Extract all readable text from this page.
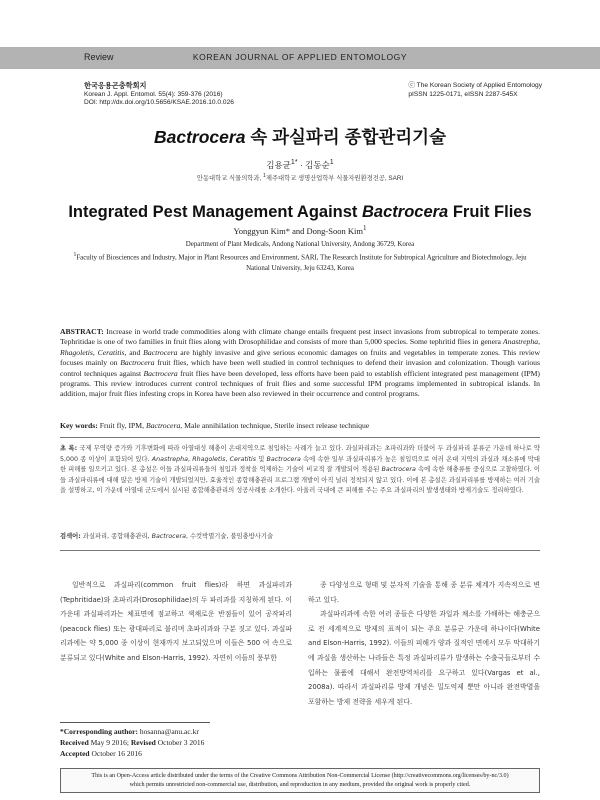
Review	KOREAN JOURNAL OF APPLIED ENTOMOLOGY
한국응용곤충학회지
Korean J. Appl. Entomol. 55(4): 359-376 (2016)
DOI: http://dx.doi.org/10.5656/KSAE.2016.10.0.026
ⓒ The Korean Society of Applied Entomology
pISSN 1225-0171, eISSN 2287-545X
Bactrocera 속 과실파리 종합관리기술
김용균$^{1*}$ · 김동순$^1$
안동대학교 식물의학과, $^1$제주대학교 생명산업학부 식물자원환경전공, SARI
Integrated Pest Management Against Bactrocera Fruit Flies
Yonggyun Kim* and Dong-Soon Kim$^1$
Department of Plant Medicals, Andong National University, Andong 36729, Korea
$^1$Faculty of Biosciences and Industry, Major in Plant Resources and Environment, SARI, The Research Institute for Subtropical Agriculture and Biotechnology, Jeju National University, Jeju 63243, Korea
ABSTRACT: Increase in world trade commodities along with climate change entails frequent pest insect invasions from subtropical to temperate zones. Tephritidae is one of two families in fruit flies along with Drosophilidae and consists of more than 5,000 species. Some tephritid flies in genera Anastrepha, Rhagoletis, Ceratitis, and Bactrocera are highly invasive and give serious economic damages on fruits and vegetables in temperate zones. This review focuses mainly on Bactrocera fruit flies, which have been well studied in control techniques to defend their invasion and colonization. Though various control techniques against Bactrocera fruit flies have been developed, less efforts have been paid to establish efficient integrated pest management (IPM) programs. This review introduces current control techniques of fruit flies and some successful IPM programs implemented in subtropical islands. In addition, major fruit flies infesting crops in Korea have been also reviewed in their occurrence and control programs.
Key words: Fruit fly, IPM, Bactrocera, Male annihilation technique, Sterile insect release technique
초 록: 국제 무역량 증가와 기후변화에 따라 아열대성 해충이 온대지역으로 침입하는 사례가 늘고 있다. 과실파리과는 초파리과와 더불어 두 과실파리 분류군 가운데 하나로 약 5,000 종 이상이 포함되어 있다. Anastrepha, Rhagoletis, Ceratitis 및 Bactrocera 속에 속한 일부 과실파리류가 높은 침입력으로 여러 온대 지역의 과실과 채소류에 막대한 피해를 일으키고 있다. 본 총설은 이들 과실파리류들의 침입과 정착을 억제하는 기술이 비교적 잘 개발되어 적용된 Bactrocera 속에 속한 해충류를 중심으로 고찰하였다. 이들 과실파리류에 대해 많은 방제 기술이 개발되었지만, 효율적인 종합해충관리 프로그램 개발이 아직 널리 정착되지 않고 있다. 이에 본 총설은 과실파리류를 방제하는 여러 기술을 설명하고, 이 가운데 아열대 군도에서 실시된 종합해충관리의 성공사례를 소개한다. 아울러 국내에 큰 피해를 주는 주요 과실파리의 발생생태와 방제기술도 정리하였다.
검색어: 과실파리, 종합해충관리, Bactrocera, 수컷박멸기술, 불임충방사기술

일반적으로 과실파리(common fruit flies)라 하면 과실파리과(Tephritidae)와 초파리과(Drosophilidae)의 두 파리과를 지칭하게 된다. 이 가운데 과실파리과는 체표면에 점교하고 색채로운 반점들이 있어 공작파리(peacock flies) 또는 광대파리로 불리며 초파리과와 구분 짓고 있다. 과실파리과에는 약 5,000 종 이상이 현재까지 보고되었으며 이들은 500 여 속으로 분류되고 있다(White and Elson-Harris, 1992). 자연히 이들의 풍부한

종 다양성으로 형태 및 분자적 기술을 통해 종 분류 체계가 지속적으로 변하고 있다.

과실파리과에 속한 여러 종들은 다양한 과일과 채소를 가해하는 해충군으로 전 세계적으로 방제의 표적이 되는 주요 분류군 가운데 하나이다(White and Elson-Harris, 1992). 이들의 피해가 양과 질적인 면에서 모두 막대하기에 과실을 생산하는 나라들은 특정 과실파리류가 발생하는 수출국들로부터 수입하는 물품에 대해서 완전방역처리를 요구하고 있다(Vargas et al., 2008a). 따라서 과실파리류 방제 개념은 밀도억제 뿐만 아니라 완전박멸을 포함하는 방제 전략을 세우게 된다.

*Corresponding author: hosanna@anu.ac.kr
Received May 9 2016; Revised October 3 2016
Accepted October 16 2016
This is an Open-Access article distributed under the terms of the Creative Commons Attribution Non-Commercial License (http://creativecommons.org/licenses/by-nc/3.0)
which permits unrestricted non-commercial use, distribution, and reproduction in any medium, provided the original work is properly cited.
